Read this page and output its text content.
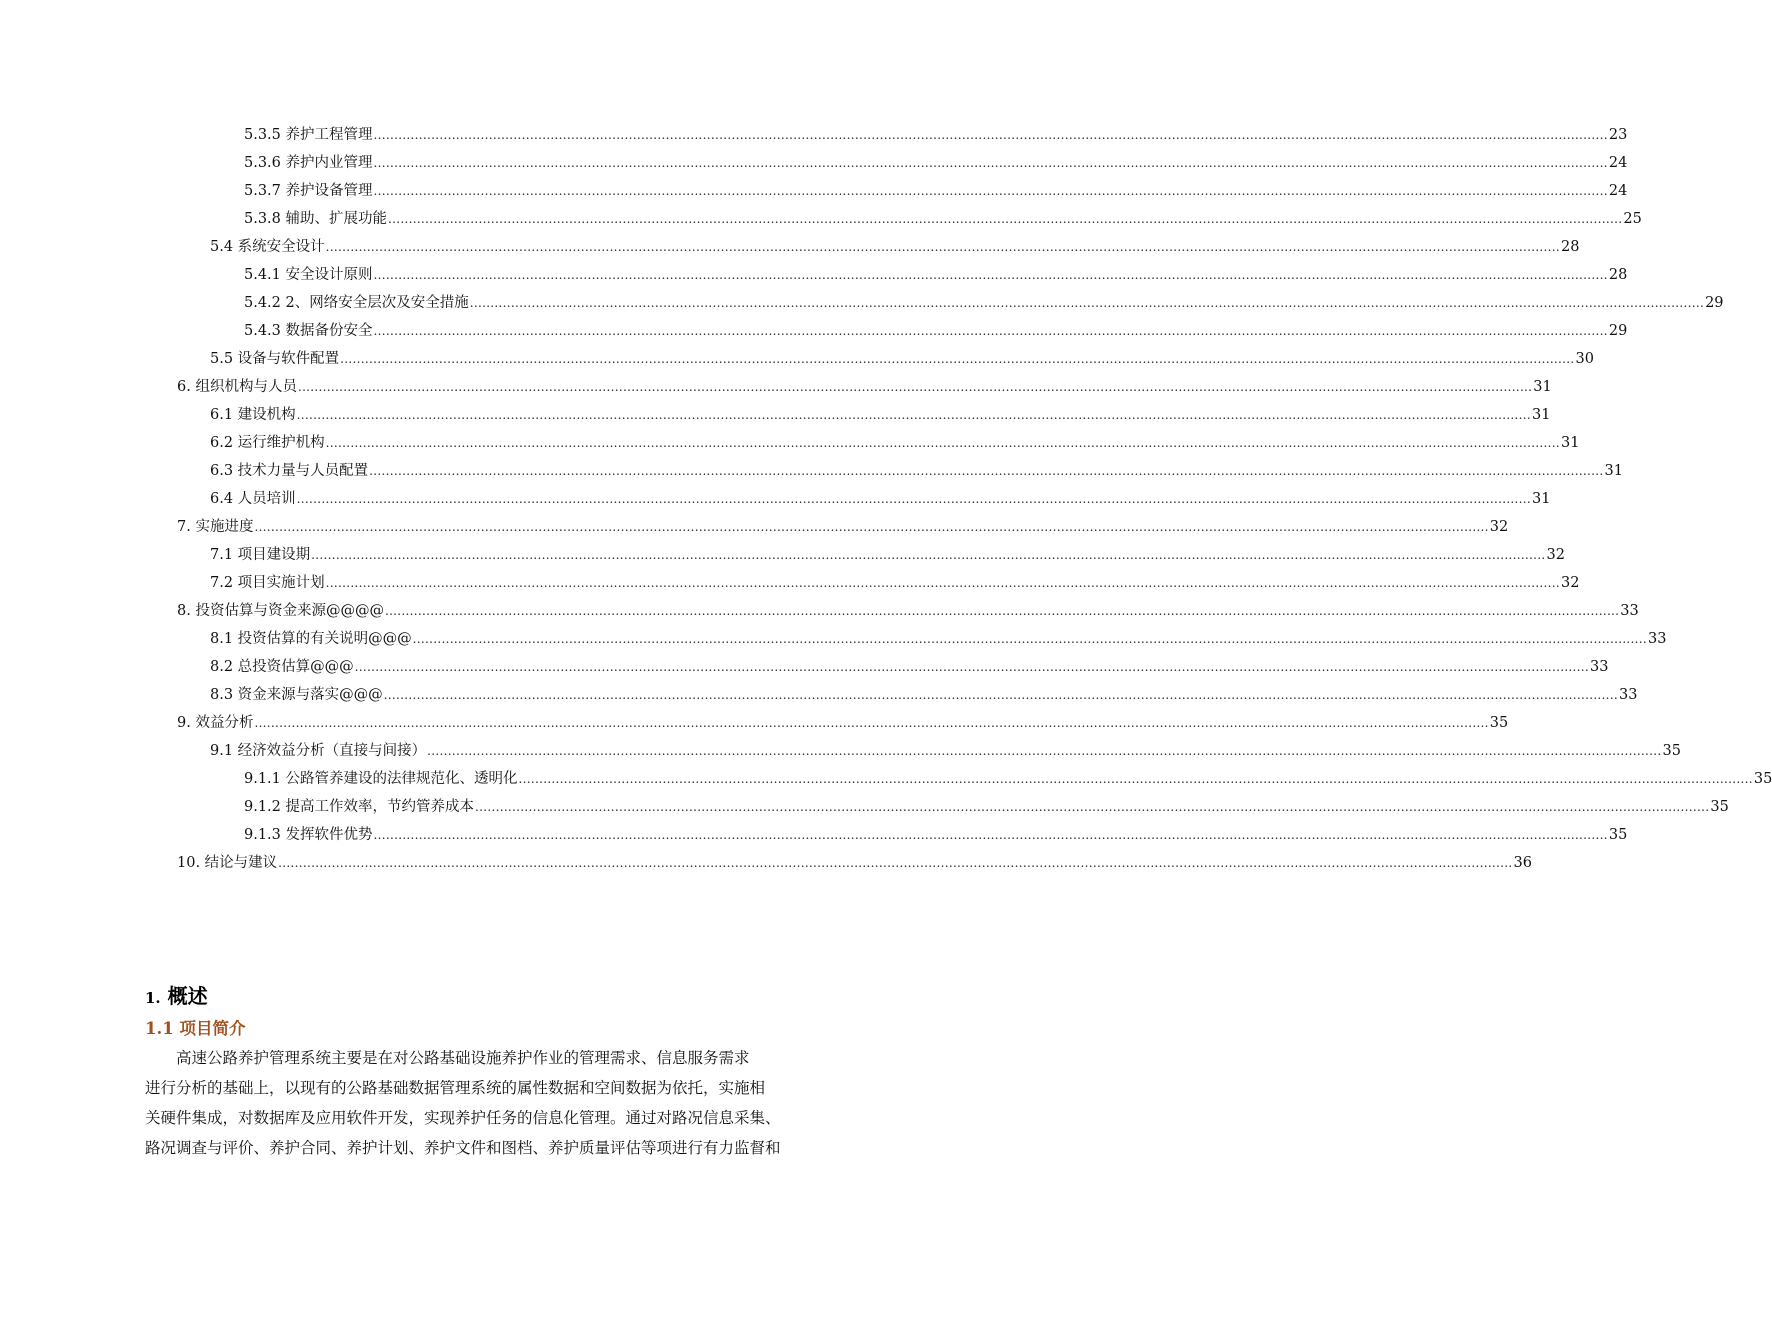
5.3.5 养护工程管理 ............................................................................................................................................................................................................................................................................................................ 23
5.3.6 养护内业管理 ............................................................................................................................................................................................................................................................................................................ 24
5.3.7 养护设备管理 ............................................................................................................................................................................................................................................................................................................ 24
5.3.8 辅助、扩展功能 ............................................................................................................................................................................................................................................................................................................ 25
5.4 系统安全设计 ............................................................................................................................................................................................................................................................................................................ 28
5.4.1 安全设计原则 ............................................................................................................................................................................................................................................................................................................ 28
5.4.2 2、网络安全层次及安全措施 ............................................................................................................................................................................................................................................................................................................ 29
5.4.3 数据备份安全 ............................................................................................................................................................................................................................................................................................................ 29
5.5 设备与软件配置 ............................................................................................................................................................................................................................................................................................................ 30
6. 组织机构与人员 ............................................................................................................................................................................................................................................................................................................ 31
6.1 建设机构 ............................................................................................................................................................................................................................................................................................................ 31
6.2 运行维护机构 ............................................................................................................................................................................................................................................................................................................ 31
6.3 技术力量与人员配置 ............................................................................................................................................................................................................................................................................................................ 31
6.4 人员培训 ............................................................................................................................................................................................................................................................................................................ 31
7. 实施进度 ............................................................................................................................................................................................................................................................................................................ 32
7.1 项目建设期 ............................................................................................................................................................................................................................................................................................................ 32
7.2 项目实施计划 ............................................................................................................................................................................................................................................................................................................ 32
8. 投资估算与资金来源@@@@ ............................................................................................................................................................................................................................................................................................................ 33
8.1 投资估算的有关说明@@@ ............................................................................................................................................................................................................................................................................................................ 33
8.2 总投资估算@@@ ............................................................................................................................................................................................................................................................................................................ 33
8.3 资金来源与落实@@@ ............................................................................................................................................................................................................................................................................................................ 33
9. 效益分析 ............................................................................................................................................................................................................................................................................................................ 35
9.1 经济效益分析（直接与间接） ............................................................................................................................................................................................................................................................................................................ 35
9.1.1 公路管养建设的法律规范化、透明化 ............................................................................................................................................................................................................................................................................................................ 35
9.1.2 提高工作效率，节约管养成本 ............................................................................................................................................................................................................................................................................................................ 35
9.1.3 发挥软件优势 ............................................................................................................................................................................................................................................................................................................ 35
10. 结论与建议 ............................................................................................................................................................................................................................................................................................................ 36
1. 概述
1.1 项目简介
高速公路养护管理系统主要是在对公路基础设施养护作业的管理需求、信息服务需求
进行分析的基础上，以现有的公路基础数据管理系统的属性数据和空间数据为依托，实施相
关硬件集成，对数据库及应用软件开发，实现养护任务的信息化管理。通过对路况信息采集、
路况调查与评价、养护合同、养护计划、养护文件和图档、养护质量评估等项进行有力监督和
